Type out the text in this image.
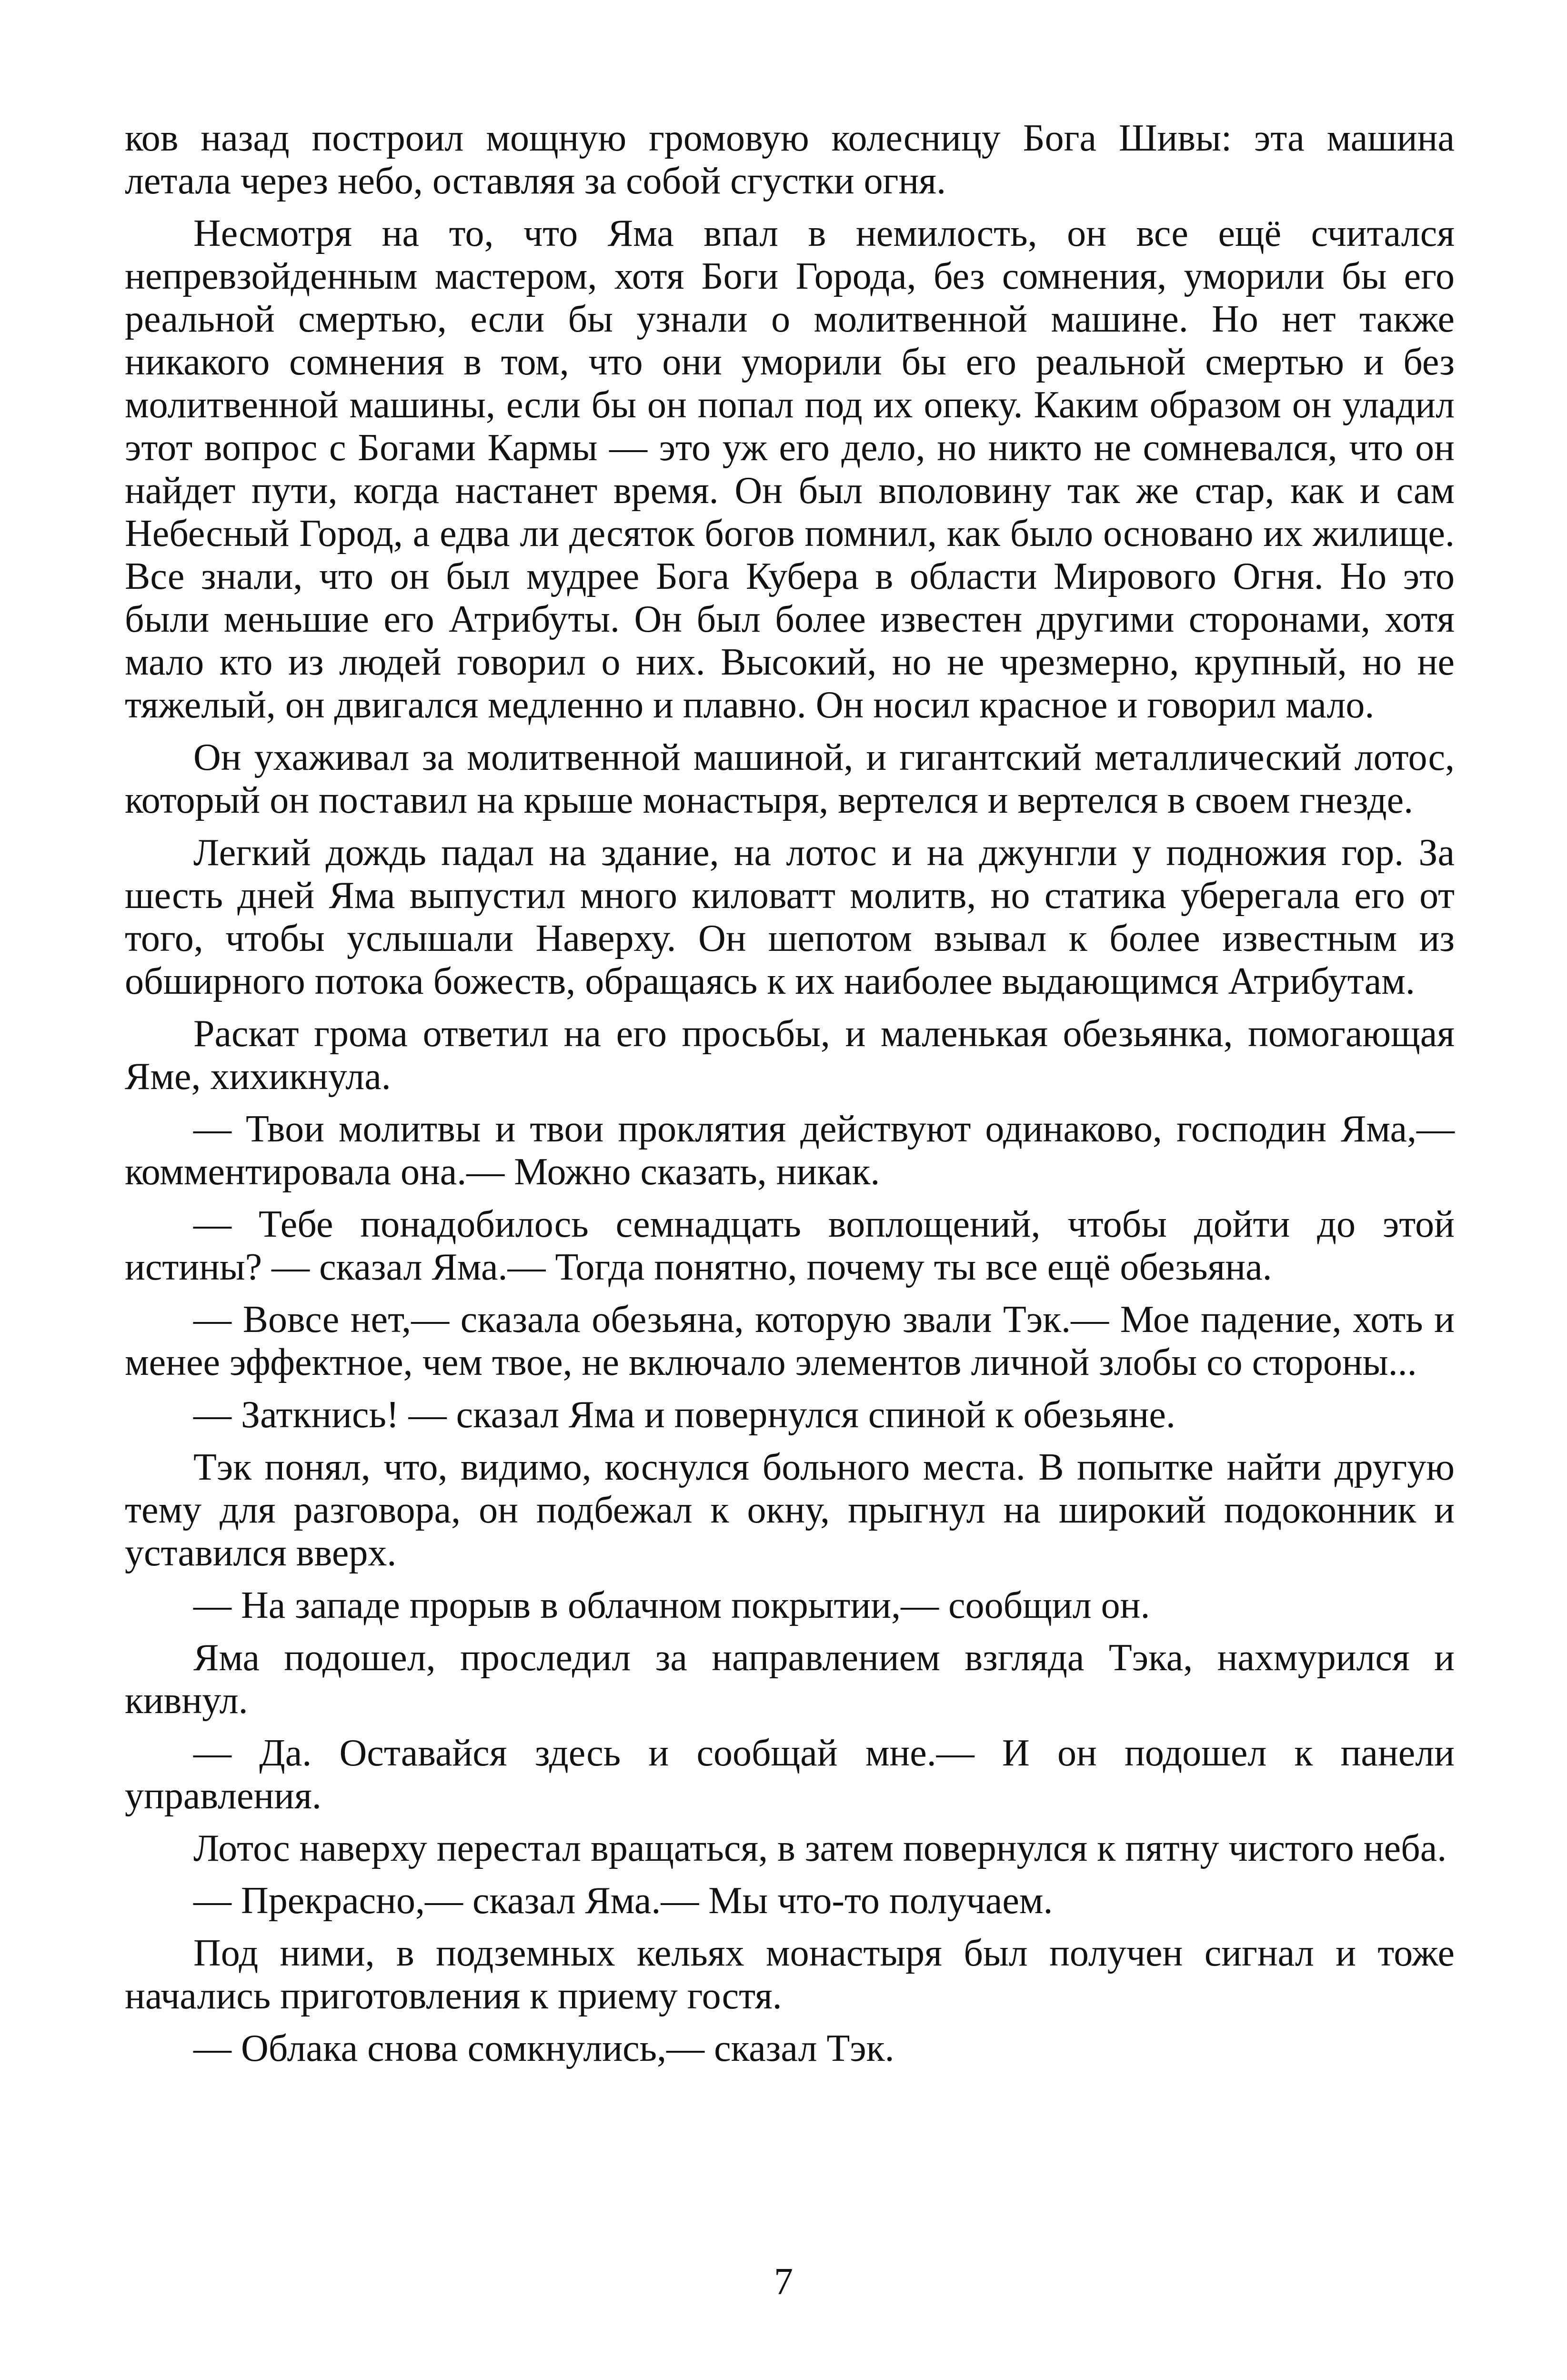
ков назад построил мощную громовую колесницу Бога Шивы: эта машина летала через небо, оставляя за собой сгустки огня.

Несмотря на то, что Яма впал в немилость, он все ещё считался непревзойденным мастером, хотя Боги Города, без сомнения, уморили бы его реальной смертью, если бы узнали о молитвенной машине. Но нет также никакого сомнения в том, что они уморили бы его реальной смертью и без молитвенной машины, если бы он попал под их опеку. Каким образом он уладил этот вопрос с Богами Кармы — это уж его дело, но никто не сомневался, что он найдет пути, когда настанет время. Он был вполовину так же стар, как и сам Небесный Город, а едва ли десяток богов помнил, как было основано их жилище. Все знали, что он был мудрее Бога Кубера в области Мирового Огня. Но это были меньшие его Атрибуты. Он был более известен другими сторонами, хотя мало кто из людей говорил о них. Высокий, но не чрезмерно, крупный, но не тяжелый, он двигался медленно и плавно. Он носил красное и говорил мало.

Он ухаживал за молитвенной машиной, и гигантский металлический лотос, который он поставил на крыше монастыря, вертелся и вертелся в своем гнезде.

Легкий дождь падал на здание, на лотос и на джунгли у подножия гор. За шесть дней Яма выпустил много киловатт молитв, но статика уберегала его от того, чтобы услышали Наверху. Он шепотом взывал к более известным из обширного потока божеств, обращаясь к их наиболее выдающимся Атрибутам.

Раскат грома ответил на его просьбы, и маленькая обезьянка, помогающая Яме, хихикнула.

— Твои молитвы и твои проклятия действуют одинаково, господин Яма,— комментировала она.— Можно сказать, никак.

— Тебе понадобилось семнадцать воплощений, чтобы дойти до этой истины? — сказал Яма.— Тогда понятно, почему ты все ещё обезьяна.

— Вовсе нет,— сказала обезьяна, которую звали Тэк.— Мое падение, хоть и менее эффектное, чем твое, не включало элементов личной злобы со стороны...

— Заткнись! — сказал Яма и повернулся спиной к обезьяне.

Тэк понял, что, видимо, коснулся больного места. В попытке найти другую тему для разговора, он подбежал к окну, прыгнул на широкий подоконник и уставился вверх.

— На западе прорыв в облачном покрытии,— сообщил он.

Яма подошел, проследил за направлением взгляда Тэка, нахмурился и кивнул.

— Да. Оставайся здесь и сообщай мне.— И он подошел к панели управления.

Лотос наверху перестал вращаться, в затем повернулся к пятну чистого неба.

— Прекрасно,— сказал Яма.— Мы что-то получаем.

Под ними, в подземных кельях монастыря был получен сигнал и тоже начались приготовления к приему гостя.

— Облака снова сомкнулись,— сказал Тэк.

7
